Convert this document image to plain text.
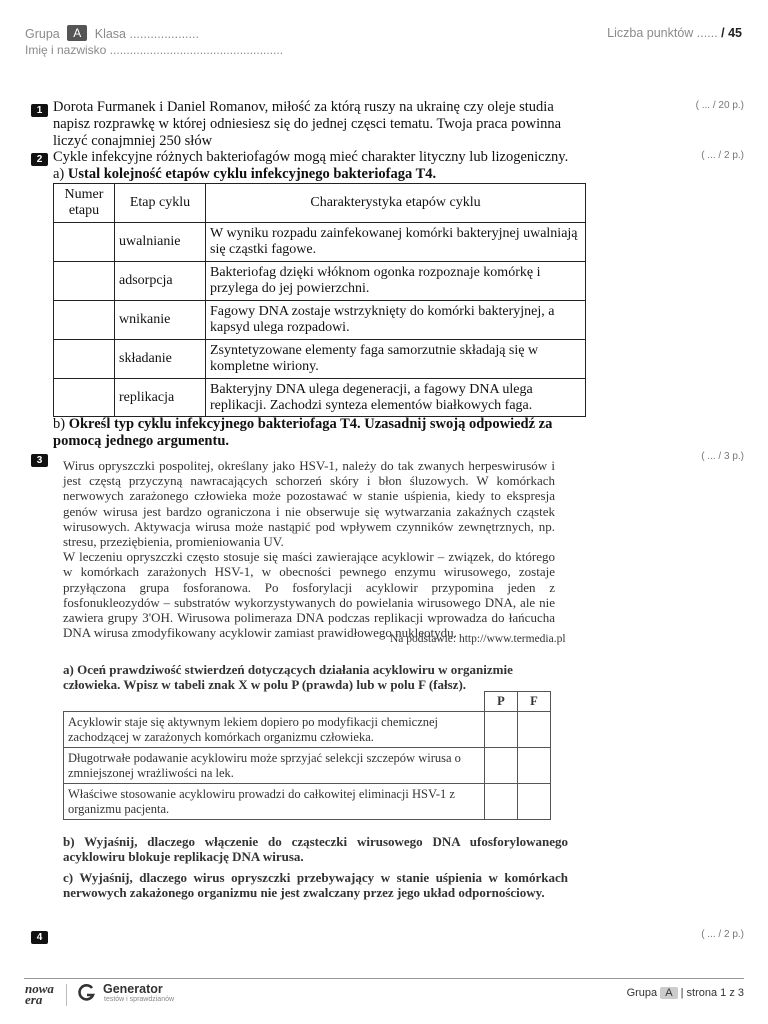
Grupa A Klasa ....................
Imię i nazwisko ....................................................
Liczba punktów ...... / 45
1	( ... / 20 p.)
Dorota Furmanek i Daniel Romanov, miłość za którą ruszy na ukrainę czy oleje studia napisz rozprawkę w której odniesiesz się do jednej częsci tematu. Twoja praca powinna liczyć conajmniej 250 słów
2	( ... / 2 p.)
Cykle infekcyjne różnych bakteriofagów mogą mieć charakter lityczny lub lizogeniczny.
a) Ustal kolejność etapów cyklu infekcyjnego bakteriofaga T4.
Numer etapu	Etap cyklu	Charakterystyka etapów cyklu
	uwalnianie	W wyniku rozpadu zainfekowanej komórki bakteryjnej uwalniają się cząstki fagowe.
	adsorpcja	Bakteriofag dzięki włóknom ogonka rozpoznaje komórkę i przylega do jej powierzchni.
	wnikanie	Fagowy DNA zostaje wstrzyknięty do komórki bakteryjnej, a kapsyd ulega rozpadowi.
	składanie	Zsyntetyzowane elementy faga samorzutnie składają się w kompletne wiriony.
	replikacja	Bakteryjny DNA ulega degeneracji, a fagowy DNA ulega replikacji. Zachodzi synteza elementów białkowych faga.
b) Określ typ cyklu infekcyjnego bakteriofaga T4. Uzasadnij swoją odpowiedź za pomocą jednego argumentu.
3	( ... / 3 p.)

Wirus opryszczki pospolitej, określany jako HSV-1, należy do tak zwanych herpeswirusów i jest częstą przyczyną nawracających schorzeń skóry i błon śluzowych. W komórkach nerwowych zarażonego człowieka może pozostawać w stanie uśpienia, kiedy to ekspresja genów wirusa jest bardzo ograniczona i nie obserwuje się wytwarzania zakaźnych cząstek wirusowych. Aktywacja wirusa może nastąpić pod wpływem czynników zewnętrznych, np. stresu, przeziębienia, promieniowania UV.

W leczeniu opryszczki często stosuje się maści zawierające acyklowir – związek, do którego w komórkach zarażonych HSV-1, w obecności pewnego enzymu wirusowego, zostaje przyłączona grupa fosforanowa. Po fosforylacji acyklowir przypomina jeden z fosfonukleozydów – substratów wykorzystywanych do powielania wirusowego DNA, ale nie zawiera grupy 3'OH. Wirusowa polimeraza DNA podczas replikacji wprowadza do łańcucha DNA wirusa zmodyfikowany acyklowir zamiast prawidłowego nukleotydu.

Na podstawie: http://www.termedia.pl
a) Oceń prawdziwość stwierdzeń dotyczących działania acyklowiru w organizmie człowieka. Wpisz w tabeli znak X w polu P (prawda) lub w polu F (fałsz).
	P	F
Acyklowir staje się aktywnym lekiem dopiero po modyfikacji chemicznej zachodzącej w zarażonych komórkach organizmu człowieka.		
Długotrwałe podawanie acyklowiru może sprzyjać selekcji szczepów wirusa o zmniejszonej wrażliwości na lek.		
Właściwe stosowanie acyklowiru prowadzi do całkowitej eliminacji HSV-1 z organizmu pacjenta.		
b) Wyjaśnij, dlaczego włączenie do cząsteczki wirusowego DNA ufosforylowanego acyklowiru blokuje replikację DNA wirusa.
c) Wyjaśnij, dlaczego wirus opryszczki przebywający w stanie uśpienia w komórkach nerwowych zakażonego organizmu nie jest zwalczany przez jego układ odpornościowy.
4	( ... / 2 p.)
nowa
era
Generator
testów i sprawdzianów
Grupa A | strona 1 z 3
